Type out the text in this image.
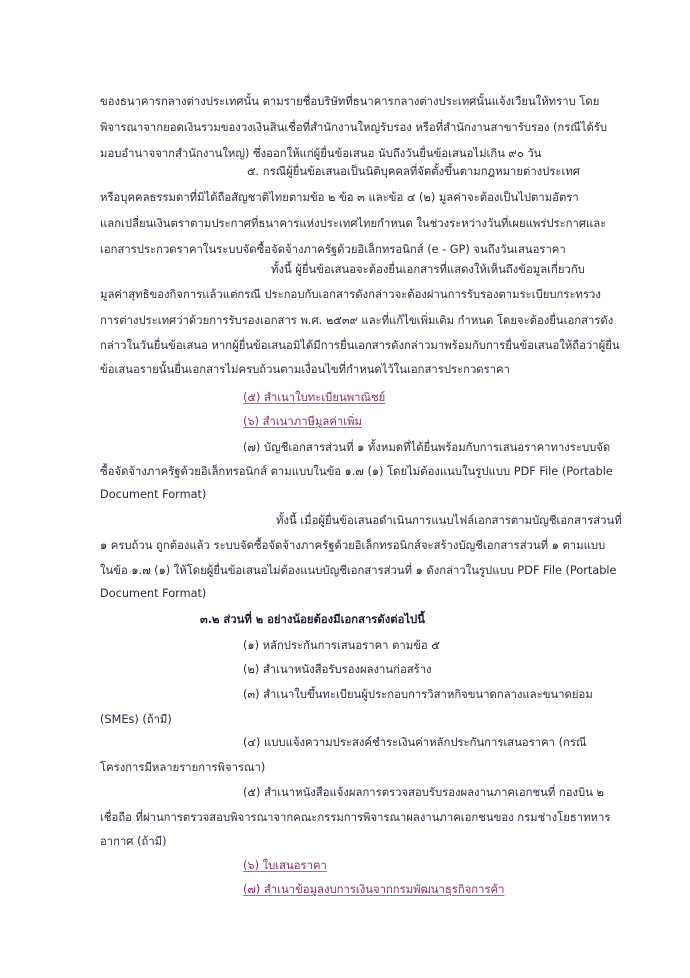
ของธนาคารกลางต่างประเทศนั้น ตามรายชื่อบริษัทที่ธนาคารกลางต่างประเทศนั้นแจ้งเวียนให้ทราบ โดย
พิจารณาจากยอดเงินรวมของวงเงินสินเชื่อที่สำนักงานใหญ่รับรอง หรือที่สำนักงานสาขารับรอง (กรณีได้รับ
มอบอำนาจจากสำนักงานใหญ่) ซึ่งออกให้แก่ผู้ยื่นข้อเสนอ นับถึงวันยื่นข้อเสนอไม่เกิน ๙๐ วัน
๕. กรณีผู้ยื่นข้อเสนอเป็นนิติบุคคลที่จัดตั้งขึ้นตามกฎหมายต่างประเทศ
หรือบุคคลธรรมดาที่มิได้ถือสัญชาติไทยตามข้อ ๒ ข้อ ๓ และข้อ ๔ (๒) มูลค่าจะต้องเป็นไปตามอัตรา
แลกเปลี่ยนเงินตราตามประกาศที่ธนาคารแห่งประเทศไทยกำหนด ในช่วงระหว่างวันที่เผยแพร่ประกาศและ
เอกสารประกวดราคาในระบบจัดซื้อจัดจ้างภาครัฐด้วยอิเล็กทรอนิกส์ (e - GP) จนถึงวันเสนอราคา
ทั้งนี้ ผู้ยื่นข้อเสนอจะต้องยื่นเอกสารที่แสดงให้เห็นถึงข้อมูลเกี่ยวกับ
มูลค่าสุทธิของกิจการแล้วแต่กรณี ประกอบกับเอกสารดังกล่าวจะต้องผ่านการรับรองตามระเบียบกระทรวง
การต่างประเทศว่าด้วยการรับรองเอกสาร พ.ศ. ๒๕๓๙ และที่แก้ไขเพิ่มเติม กำหนด โดยจะต้องยื่นเอกสารดัง
กล่าวในวันยื่นข้อเสนอ หากผู้ยื่นข้อเสนอมิได้มีการยื่นเอกสารดังกล่าวมาพร้อมกับการยื่นข้อเสนอให้ถือว่าผู้ยื่น
ข้อเสนอรายนั้นยื่นเอกสารไม่ครบถ้วนตามเงื่อนไขที่กำหนดไว้ในเอกสารประกวดราคา
(๕) สำเนาใบทะเบียนพาณิชย์
(๖) สำเนาภาษีมูลค่าเพิ่ม
(๗) บัญชีเอกสารส่วนที่ ๑ ทั้งหมดที่ได้ยื่นพร้อมกับการเสนอราคาทางระบบจัด
ซื้อจัดจ้างภาครัฐด้วยอิเล็กทรอนิกส์ ตามแบบในข้อ ๑.๗ (๑) โดยไม่ต้องแนบในรูปแบบ PDF File (Portable
Document Format)
ทั้งนี้ เมื่อผู้ยื่นข้อเสนอดำเนินการแนบไฟล์เอกสารตามบัญชีเอกสารส่วนที่
๑ ครบถ้วน ถูกต้องแล้ว ระบบจัดซื้อจัดจ้างภาครัฐด้วยอิเล็กทรอนิกส์จะสร้างบัญชีเอกสารส่วนที่ ๑ ตามแบบ
ในข้อ ๑.๗ (๑) ให้โดยผู้ยื่นข้อเสนอไม่ต้องแนบบัญชีเอกสารส่วนที่ ๑ ดังกล่าวในรูปแบบ PDF File (Portable
Document Format)
๓.๒ ส่วนที่ ๒ อย่างน้อยต้องมีเอกสารดังต่อไปนี้
(๑) หลักประกันการเสนอราคา ตามข้อ ๕
(๒) สำเนาหนังสือรับรองผลงานก่อสร้าง
(๓) สำเนาใบขึ้นทะเบียนผู้ประกอบการวิสาหกิจขนาดกลางและขนาดย่อม
(SMEs) (ถ้ามี)
(๔) แบบแจ้งความประสงค์ชำระเงินค่าหลักประกันการเสนอราคา (กรณี
โครงการมีหลายรายการพิจารณา)
(๕) สำเนาหนังสือแจ้งผลการตรวจสอบรับรองผลงานภาคเอกชนที่ กองบิน ๒
เชื่อถือ ที่ผ่านการตรวจสอบพิจารณาจากคณะกรรมการพิจารณาผลงานภาคเอกชนของ กรมช่างโยธาทหาร
อากาศ (ถ้ามี)
(๖) ใบเสนอราคา
(๗) สำเนาข้อมูลงบการเงินจากกรมพัฒนาธุรกิจการค้า
